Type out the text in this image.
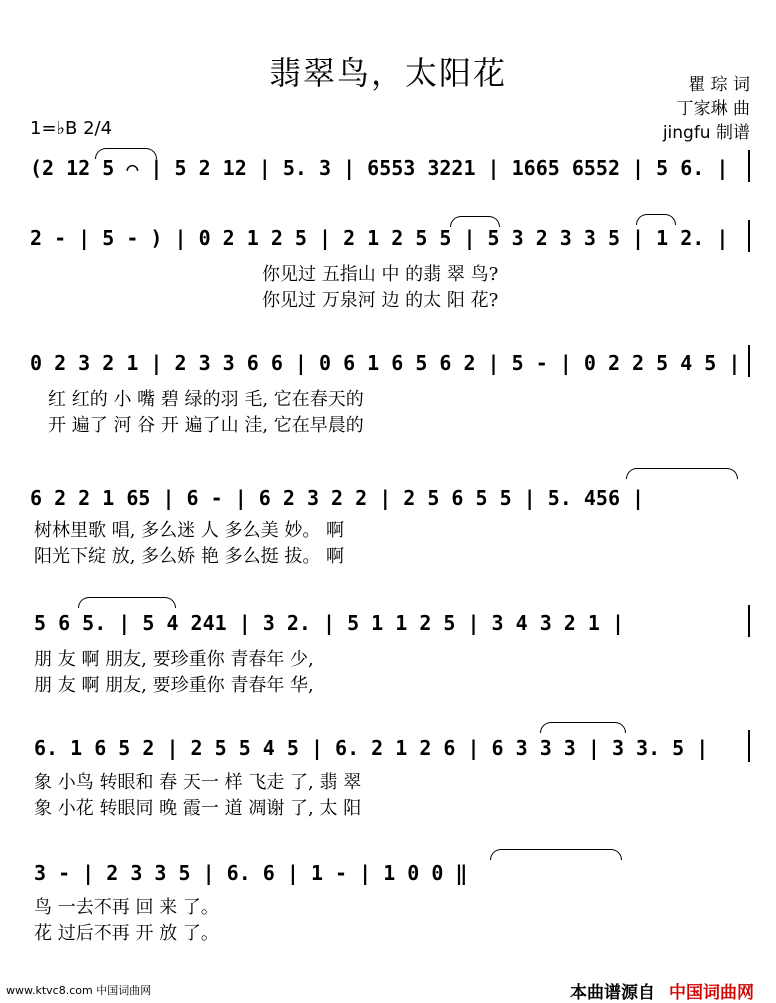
翡翠鸟，太阳花	瞿 琮 词
丁家琳 曲
jingfu 制谱
1=♭B 2/4
(2 12 5 ⌒ | 5 2 12 | 5. 3 | 6553 3221 | 1665 6552 | 5 6. |
2 - | 5 - ) | 0 2 1 2 5 | 2 1 2 5 5 | 5 3 2 3 3 5 | 1 2. |
你见过 五指山 中 的翡 翠 鸟?
你见过 万泉河 边 的太 阳 花?
0 2 3 2 1 | 2 3 3 6 6 | 0 6 1 6 5 6 2 | 5 - | 0 2 2 5 4 5 |
红 红的 小 嘴 碧 绿的羽 毛, 它在春天的
开 遍了 河 谷 开 遍了山 洼, 它在早晨的
6 2 2 1 65 | 6 - | 6 2 3 2 2 | 2 5 6 5 5 | 5. 456 |
树林里歌 唱, 多么迷 人 多么美 妙。 啊
阳光下绽 放, 多么娇 艳 多么挺 拔。 啊
5 6 5. | 5 4 241 | 3 2. | 5 1 1 2 5 | 3 4 3 2 1 |
朋 友 啊 朋友, 要珍重你 青春年 少,
朋 友 啊 朋友, 要珍重你 青春年 华,
6. 1 6 5 2 | 2 5 5 4 5 | 6. 2 1 2 6 | 6 3 3 3 | 3 3. 5 |
象 小鸟 转眼和 春 天一 样 飞走 了, 翡 翠
象 小花 转眼同 晚 霞一 道 凋谢 了, 太 阳
3 - | 2 3 3 5 | 6. 6 | 1 - | 1 0 0 ‖
鸟 一去不再 回 来 了。
花 过后不再 开 放 了。
www.ktvc8.com 中国词曲网	本曲谱源自 中国词曲网
